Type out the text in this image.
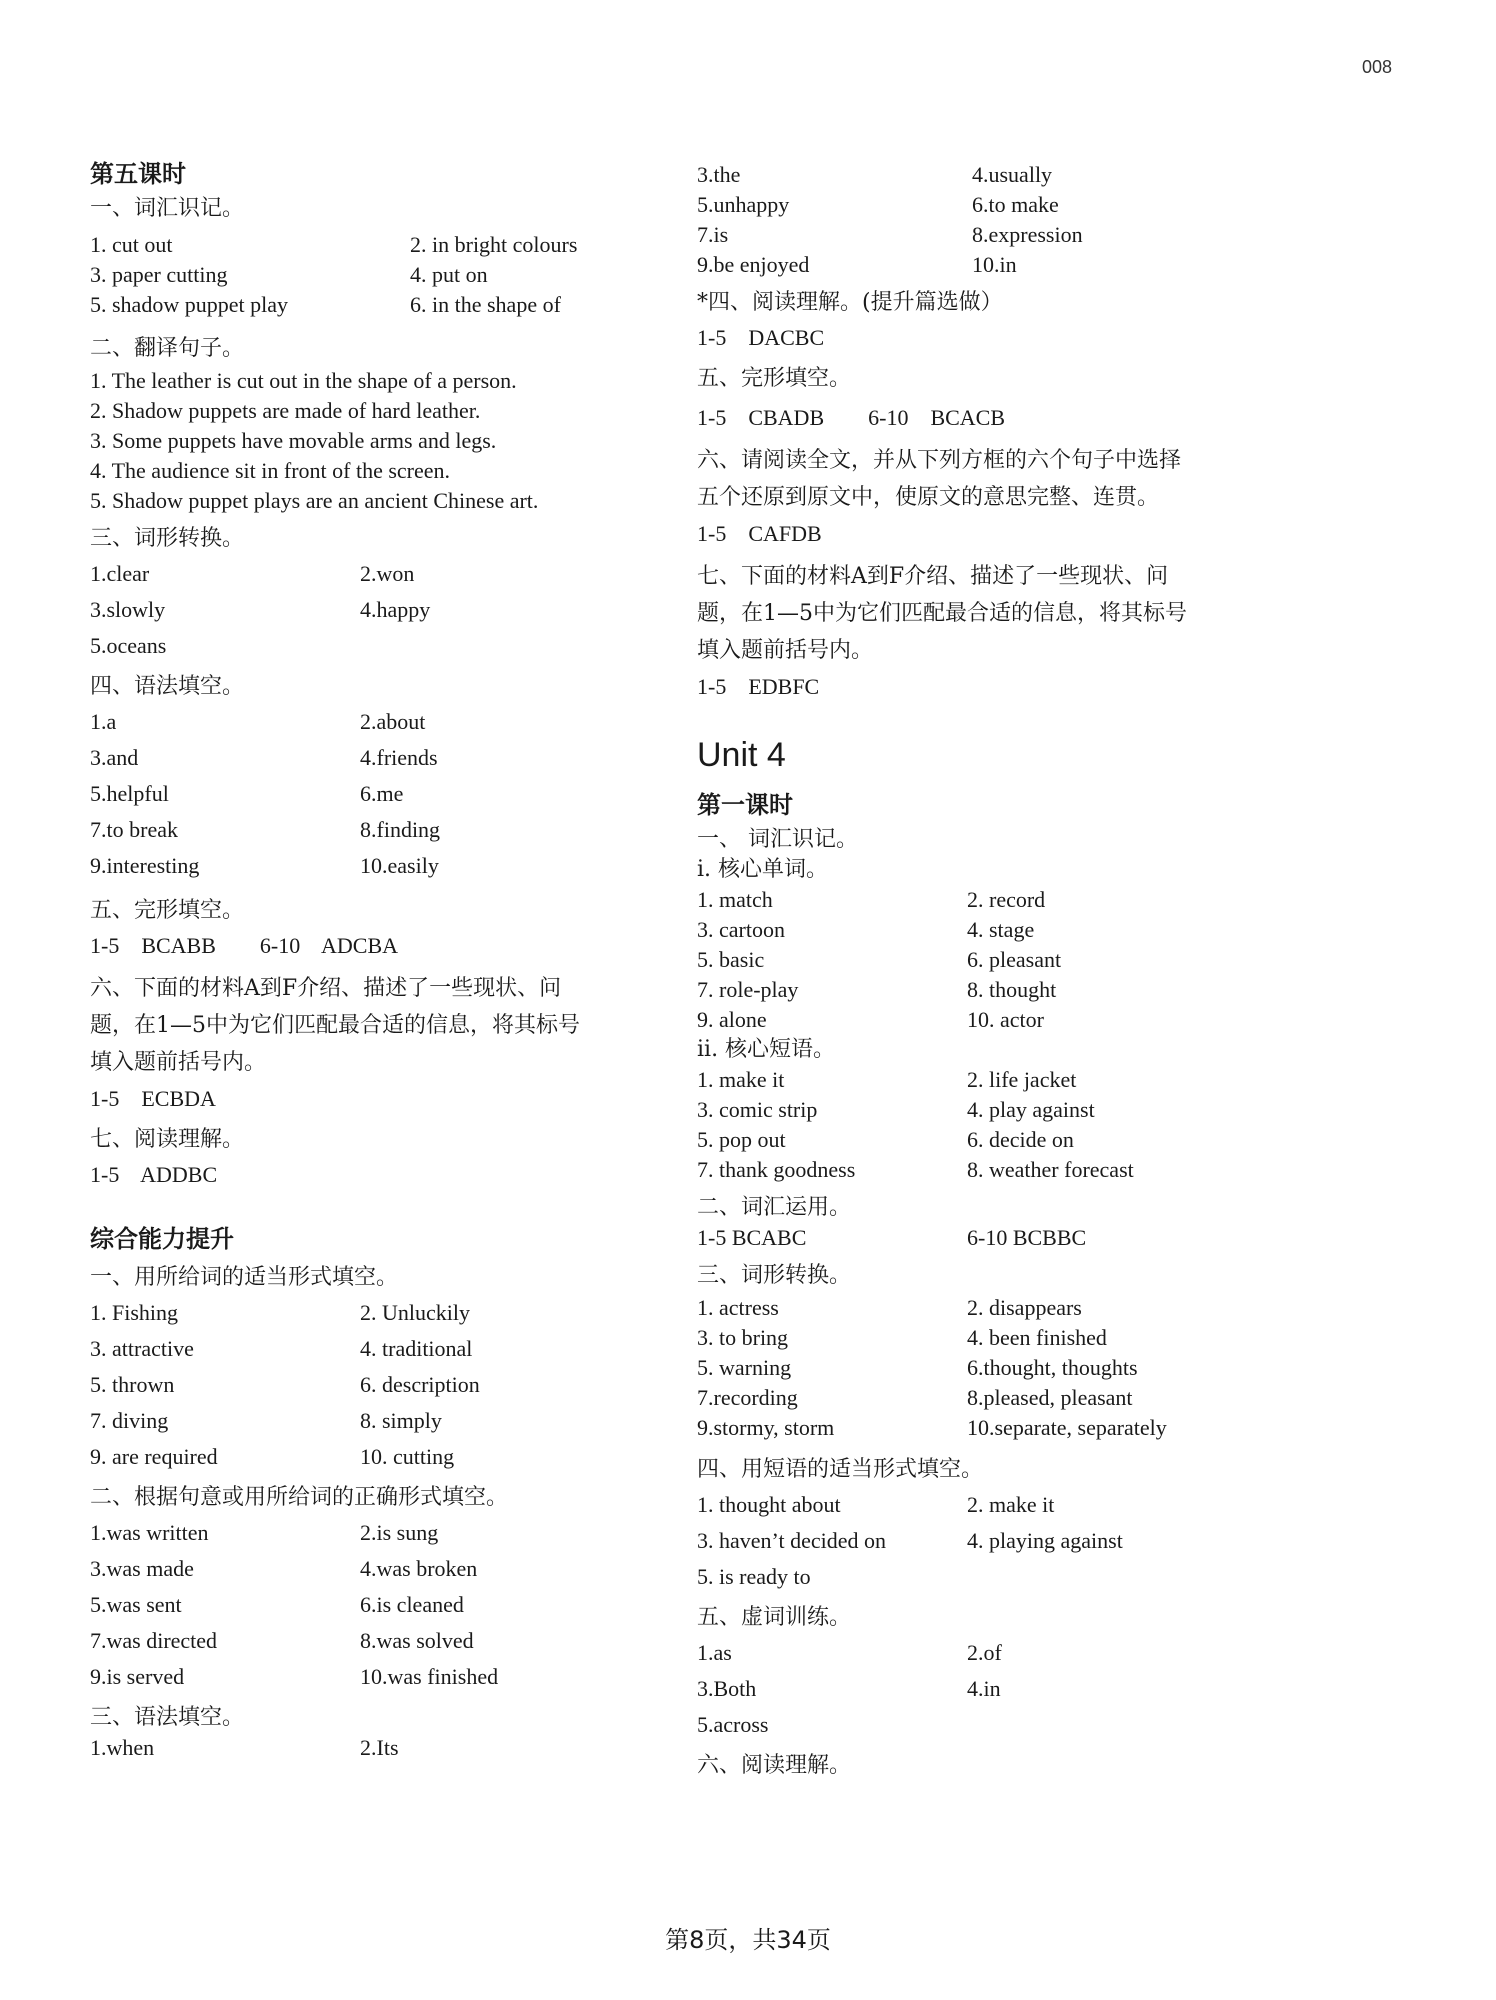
008
第五课时
一、词汇识记。
1. cut out	2. in bright colours
3. paper cutting	4. put on
5. shadow puppet play	6. in the shape of
二、翻译句子。
1. The leather is cut out in the shape of a person.
2. Shadow puppets are made of hard leather.
3. Some puppets have movable arms and legs.
4. The audience sit in front of the screen.
5. Shadow puppet plays are an ancient Chinese art.
三、词形转换。
1.clear	2.won
3.slowly	4.happy
5.oceans
四、语法填空。
1.a	2.about
3.and	4.friends
5.helpful	6.me
7.to break	8.finding
9.interesting	10.easily
五、完形填空。
1-5    BCABB        6-10    ADCBA
六、下面的材料A到F介绍、描述了一些现状、问
题，在1—5中为它们匹配最合适的信息，将其标号
填入题前括号内。
1-5    ECBDA
七、阅读理解。
1-5    ADDBC
综合能力提升
一、用所给词的适当形式填空。
1. Fishing	2. Unluckily
3. attractive	4. traditional
5. thrown	6. description
7. diving	8. simply
9. are required	10. cutting
二、根据句意或用所给词的正确形式填空。
1.was written	2.is sung
3.was made	4.was broken
5.was sent	6.is cleaned
7.was directed	8.was solved
9.is served	10.was finished
三、语法填空。
1.when	2.Its
3.the	4.usually
5.unhappy	6.to make
7.is	8.expression
9.be enjoyed	10.in
*四、阅读理解。(提升篇选做）
1-5    DACBC
五、完形填空。
1-5    CBADB        6-10    BCACB
六、请阅读全文，并从下列方框的六个句子中选择
五个还原到原文中，使原文的意思完整、连贯。
1-5    CAFDB
七、下面的材料A到F介绍、描述了一些现状、问
题，在1—5中为它们匹配最合适的信息，将其标号
填入题前括号内。
1-5    EDBFC
Unit 4
第一课时
一、 词汇识记。
i. 核心单词。
1. match	2. record
3. cartoon	4. stage
5. basic	6. pleasant
7. role-play	8. thought
9. alone	10. actor
ii. 核心短语。
1. make it	2. life jacket
3. comic strip	4. play against
5. pop out	6. decide on
7. thank goodness	8. weather forecast
二、词汇运用。
1-5 BCABC	6-10 BCBBC
三、词形转换。
1. actress	2. disappears
3. to bring	4. been finished
5. warning	6.thought, thoughts
7.recording	8.pleased, pleasant
9.stormy, storm	10.separate, separately
四、用短语的适当形式填空。
1. thought about	2. make it
3. haven’t decided on	4. playing against
5. is ready to
五、虚词训练。
1.as	2.of
3.Both	4.in
5.across
六、阅读理解。
第8页，共34页
